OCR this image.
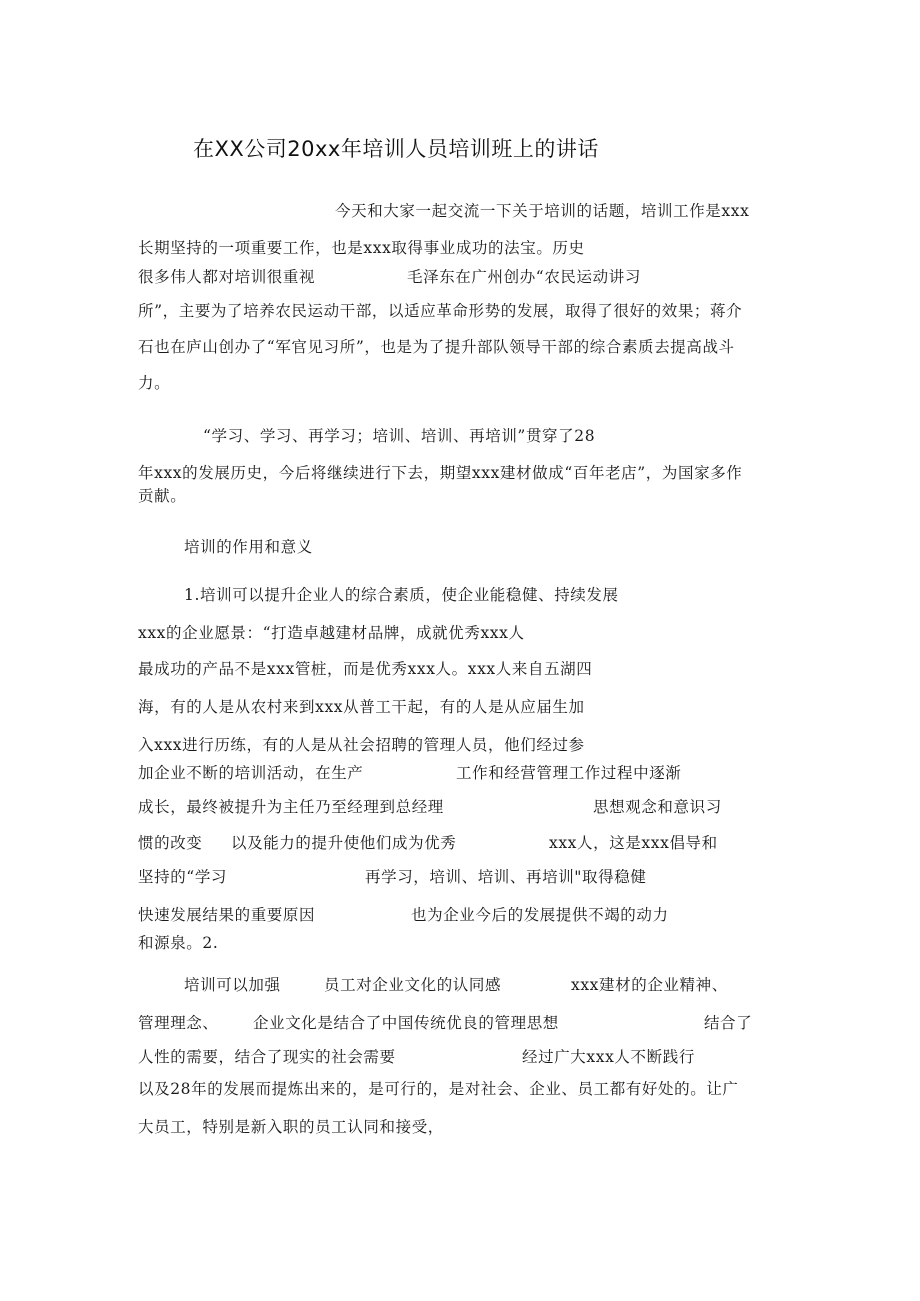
在XX公司20xx年培训人员培训班上的讲话
今天和大家一起交流一下关于培训的话题，培训工作是xxx
长期坚持的一项重要工作，也是xxx取得事业成功的法宝。历史
很多伟人都对培训很重视	毛泽东在广州创办“农民运动讲习
所”，主要为了培养农民运动干部，以适应革命形势的发展，取得了很好的效果；蒋介
石也在庐山创办了“军官见习所”，也是为了提升部队领导干部的综合素质去提高战斗
力。
“学习、学习、再学习；培训、培训、再培训”贯穿了28
年xxx的发展历史，今后将继续进行下去，期望xxx建材做成“百年老店”，为国家多作
贡献。
培训的作用和意义
1.培训可以提升企业人的综合素质，使企业能稳健、持续发展
xxx的企业愿景：“打造卓越建材品牌，成就优秀xxx人
最成功的产品不是xxx管桩，而是优秀xxx人。xxx人来自五湖四
海，有的人是从农村来到xxx从普工干起，有的人是从应届生加
入xxx进行历练，有的人是从社会招聘的管理人员，他们经过参
加企业不断的培训活动，在生产	工作和经营管理工作过程中逐渐
成长，最终被提升为主任乃至经理到总经理	思想观念和意识习
惯的改变 以及能力的提升使他们成为优秀	xxx人，这是xxx倡导和
坚持的“学习	再学习，培训、培训、再培训"取得稳健
快速发展结果的重要原因	也为企业今后的发展提供不竭的动力
和源泉。2.
培训可以加强	员工对企业文化的认同感	xxx建材的企业精神、
管理理念、 企业文化是结合了中国传统优良的管理思想	结合了
人性的需要，结合了现实的社会需要	经过广大xxx人不断践行
以及28年的发展而提炼出来的，是可行的，是对社会、企业、员工都有好处的。让广
大员工，特别是新入职的员工认同和接受，
